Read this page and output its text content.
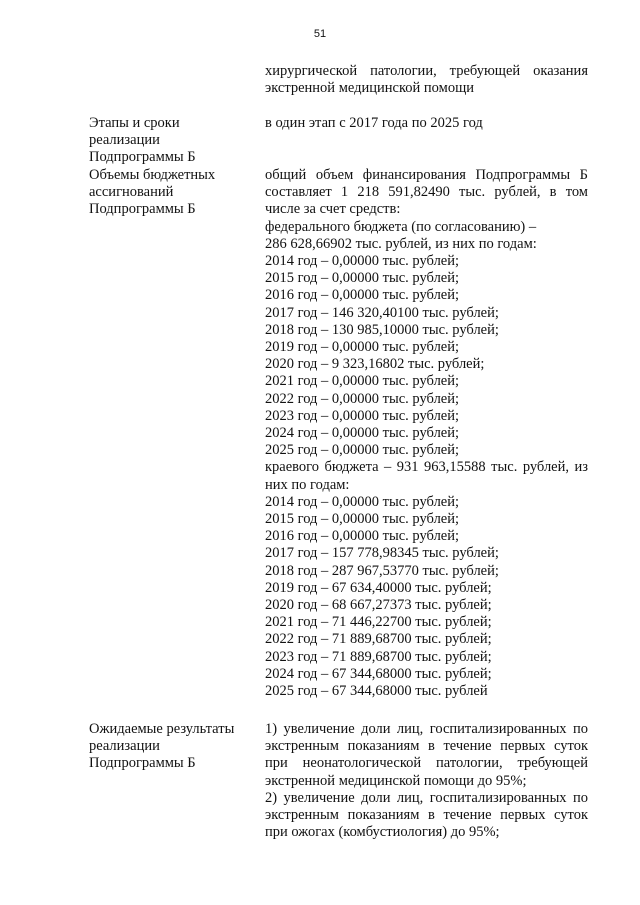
51
хирургической патологии, требующей оказания
экстренной медицинской помощи
Этапы и сроки
реализации
Подпрограммы Б
в один этап с 2017 года по 2025 год
Объемы бюджетных
ассигнований
Подпрограммы Б
общий объем финансирования Подпрограммы Б
составляет 1 218 591,82490 тыс. рублей, в том
числе за счет средств:
федерального бюджета (по согласованию) –
286 628,66902 тыс. рублей, из них по годам:
2014 год – 0,00000 тыс. рублей;
2015 год – 0,00000 тыс. рублей;
2016 год – 0,00000 тыс. рублей;
2017 год – 146 320,40100 тыс. рублей;
2018 год – 130 985,10000 тыс. рублей;
2019 год – 0,00000 тыс. рублей;
2020 год – 9 323,16802 тыс. рублей;
2021 год – 0,00000 тыс. рублей;
2022 год – 0,00000 тыс. рублей;
2023 год – 0,00000 тыс. рублей;
2024 год – 0,00000 тыс. рублей;
2025 год – 0,00000 тыс. рублей;
краевого бюджета – 931 963,15588 тыс. рублей, из
них по годам:
2014 год – 0,00000 тыс. рублей;
2015 год – 0,00000 тыс. рублей;
2016 год – 0,00000 тыс. рублей;
2017 год – 157 778,98345 тыс. рублей;
2018 год – 287 967,53770 тыс. рублей;
2019 год – 67 634,40000 тыс. рублей;
2020 год – 68 667,27373 тыс. рублей;
2021 год – 71 446,22700 тыс. рублей;
2022 год – 71 889,68700 тыс. рублей;
2023 год – 71 889,68700 тыс. рублей;
2024 год – 67 344,68000 тыс. рублей;
2025 год – 67 344,68000 тыс. рублей
Ожидаемые результаты
реализации
Подпрограммы Б
1) увеличение доли лиц, госпитализированных по
экстренным показаниям в течение первых суток
при неонатологической патологии, требующей
экстренной медицинской помощи до 95%;
2) увеличение доли лиц, госпитализированных по
экстренным показаниям в течение первых суток
при ожогах (комбустиология) до 95%;
